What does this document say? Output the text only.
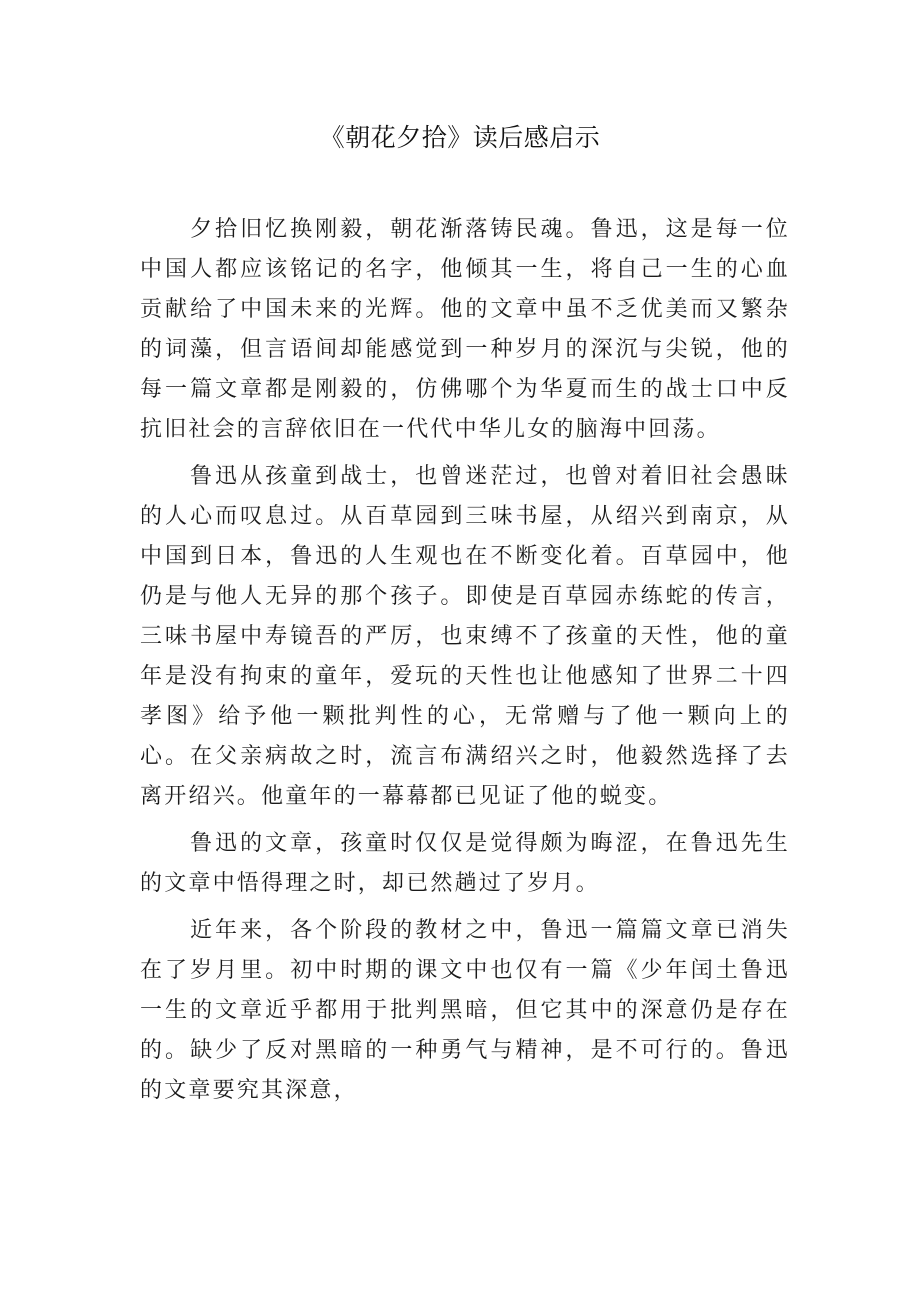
《朝花夕拾》读后感启示

夕拾旧忆换刚毅，朝花渐落铸民魂。鲁迅，这是每一位中国人都应该铭记的名字，他倾其一生，将自己一生的心血贡献给了中国未来的光辉。他的文章中虽不乏优美而又繁杂的词藻，但言语间却能感觉到一种岁月的深沉与尖锐，他的每一篇文章都是刚毅的，仿佛哪个为华夏而生的战士口中反抗旧社会的言辞依旧在一代代中华儿女的脑海中回荡。

鲁迅从孩童到战士，也曾迷茫过，也曾对着旧社会愚昧的人心而叹息过。从百草园到三味书屋，从绍兴到南京，从中国到日本，鲁迅的人生观也在不断变化着。百草园中，他仍是与他人无异的那个孩子。即使是百草园赤练蛇的传言，三味书屋中寿镜吾的严厉，也束缚不了孩童的天性，他的童年是没有拘束的童年，爱玩的天性也让他感知了世界二十四孝图》给予他一颗批判性的心，无常赠与了他一颗向上的心。在父亲病故之时，流言布满绍兴之时，他毅然选择了去离开绍兴。他童年的一幕幕都已见证了他的蜕变。

鲁迅的文章，孩童时仅仅是觉得颇为晦涩，在鲁迅先生的文章中悟得理之时，却已然趟过了岁月。

近年来，各个阶段的教材之中，鲁迅一篇篇文章已消失在了岁月里。初中时期的课文中也仅有一篇《少年闰土鲁迅一生的文章近乎都用于批判黑暗，但它其中的深意仍是存在的。缺少了反对黑暗的一种勇气与精神，是不可行的。鲁迅的文章要究其深意，
